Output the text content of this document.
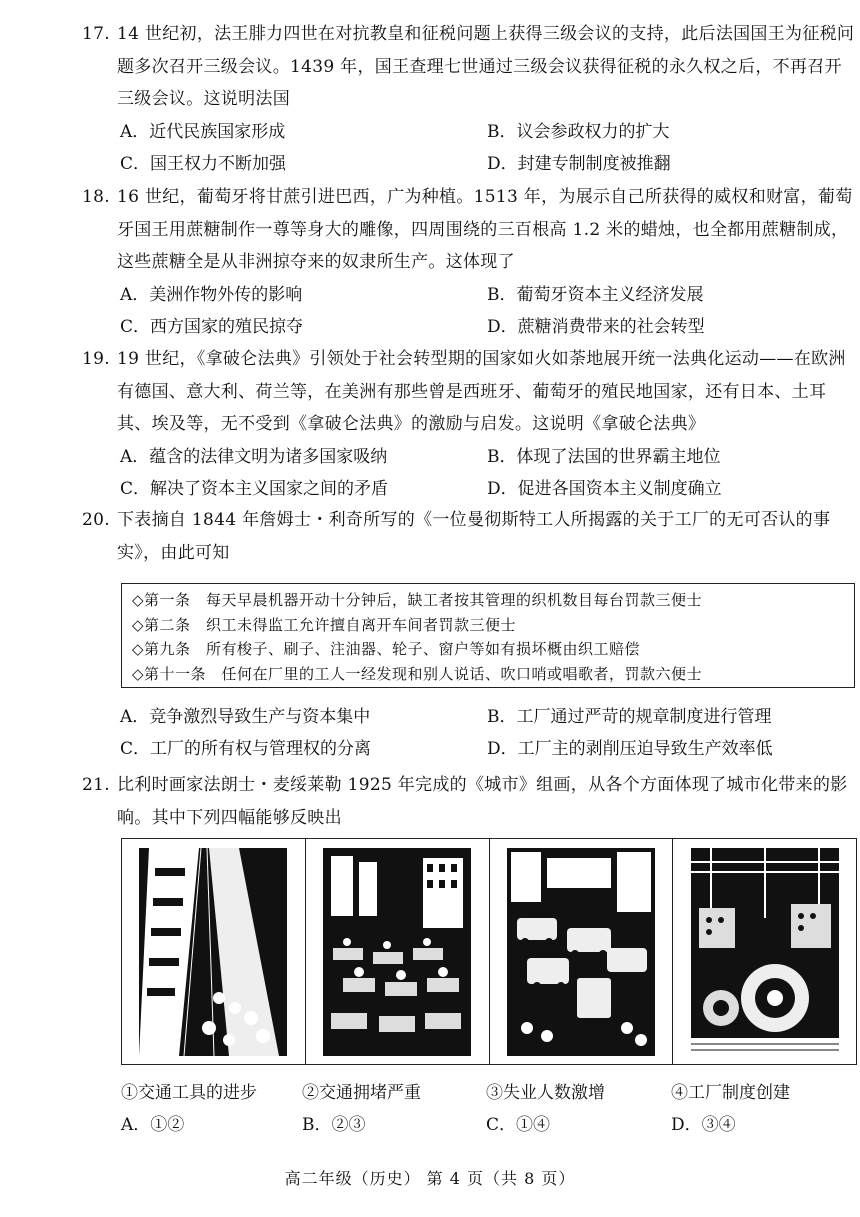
17. 14 世纪初，法王腓力四世在对抗教皇和征税问题上获得三级会议的支持，此后法国国王为征税问题多次召开三级会议。1439 年，国王查理七世通过三级会议获得征税的永久权之后，不再召开三级会议。这说明法国

A．近代民族国家形成	B．议会参政权力的扩大
C．国王权力不断加强	D．封建专制制度被推翻

18. 16 世纪，葡萄牙将甘蔗引进巴西，广为种植。1513 年，为展示自己所获得的威权和财富，葡萄牙国王用蔗糖制作一尊等身大的雕像，四周围绕的三百根高 1.2 米的蜡烛，也全都用蔗糖制成，这些蔗糖全是从非洲掠夺来的奴隶所生产。这体现了

A．美洲作物外传的影响	B．葡萄牙资本主义经济发展
C．西方国家的殖民掠夺	D．蔗糖消费带来的社会转型

19. 19 世纪，《拿破仑法典》引领处于社会转型期的国家如火如荼地展开统一法典化运动——在欧洲有德国、意大利、荷兰等，在美洲有那些曾是西班牙、葡萄牙的殖民地国家，还有日本、土耳其、埃及等，无不受到《拿破仑法典》的激励与启发。这说明《拿破仑法典》

A．蕴含的法律文明为诸多国家吸纳	B．体现了法国的世界霸主地位
C．解决了资本主义国家之间的矛盾	D．促进各国资本主义制度确立

20. 下表摘自 1844 年詹姆士・利奇所写的《一位曼彻斯特工人所揭露的关于工厂的无可否认的事实》，由此可知

◇第一条　每天早晨机器开动十分钟后，缺工者按其管理的织机数目每台罚款三便士
◇第二条　织工未得监工允许擅自离开车间者罚款三便士
◇第九条　所有梭子、刷子、注油器、轮子、窗户等如有损坏概由织工赔偿
◇第十一条　任何在厂里的工人一经发现和别人说话、吹口哨或唱歌者，罚款六便士
A．竞争激烈导致生产与资本集中	B．工厂通过严苛的规章制度进行管理
C．工厂的所有权与管理权的分离	D．工厂主的剥削压迫导致生产效率低

21. 比利时画家法朗士・麦绥莱勒 1925 年完成的《城市》组画，从各个方面体现了城市化带来的影响。其中下列四幅能够反映出

①交通工具的进步	②交通拥堵严重	③失业人数激增	④工厂制度创建
A．①②	B．②③	C．①④	D．③④
高二年级（历史） 第 4 页（共 8 页）
